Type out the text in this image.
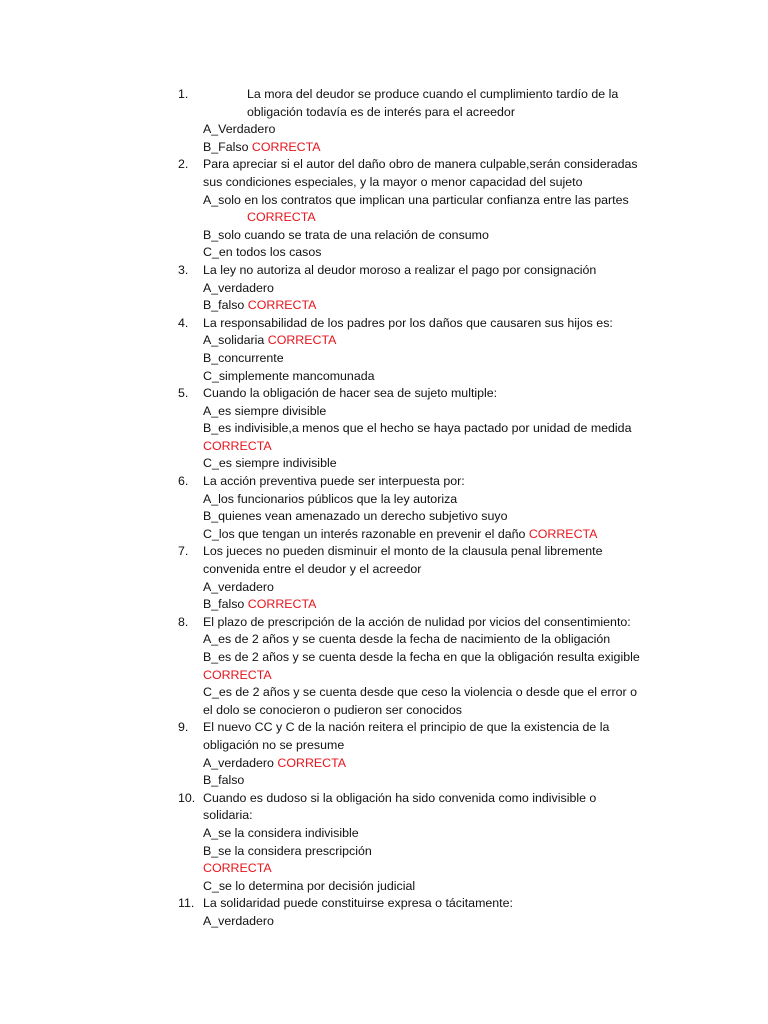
1.	La mora del deudor se produce cuando el cumplimiento tardío de la
obligación todavía es de interés para el acreedor
A_Verdadero
B_Falso CORRECTA
2. Para apreciar si el autor del daño obro de manera culpable,serán consideradas
sus condiciones especiales, y la mayor o menor capacidad del sujeto
A_solo en los contratos que implican una particular confianza entre las partes
CORRECTA
B_solo cuando se trata de una relación de consumo
C_en todos los casos
3. La ley no autoriza al deudor moroso a realizar el pago por consignación
A_verdadero
B_falso CORRECTA
4. La responsabilidad de los padres por los daños que causaren sus hijos es:
A_solidaria CORRECTA
B_concurrente
C_simplemente mancomunada
5. Cuando la obligación de hacer sea de sujeto multiple:
A_es siempre divisible
B_es indivisible,a menos que el hecho se haya pactado por unidad de medida
CORRECTA
C_es siempre indivisible
6. La acción preventiva puede ser interpuesta por:
A_los funcionarios públicos que la ley autoriza
B_quienes vean amenazado un derecho subjetivo suyo
C_los que tengan un interés razonable en prevenir el daño CORRECTA
7. Los jueces no pueden disminuir el monto de la clausula penal libremente
convenida entre el deudor y el acreedor
A_verdadero
B_falso CORRECTA
8. El plazo de prescripción de la acción de nulidad por vicios del consentimiento:
A_es de 2 años y se cuenta desde la fecha de nacimiento de la obligación
B_es de 2 años y se cuenta desde la fecha en que la obligación resulta exigible
CORRECTA
C_es de 2 años y se cuenta desde que ceso la violencia o desde que el error o
el dolo se conocieron o pudieron ser conocidos
9. El nuevo CC y C de la nación reitera el principio de que la existencia de la
obligación no se presume
A_verdadero CORRECTA
B_falso
10. Cuando es dudoso si la obligación ha sido convenida como indivisible o
solidaria:
A_se la considera indivisible
B_se la considera prescripción
CORRECTA
C_se lo determina por decisión judicial
11. La solidaridad puede constituirse expresa o tácitamente:
A_verdadero
